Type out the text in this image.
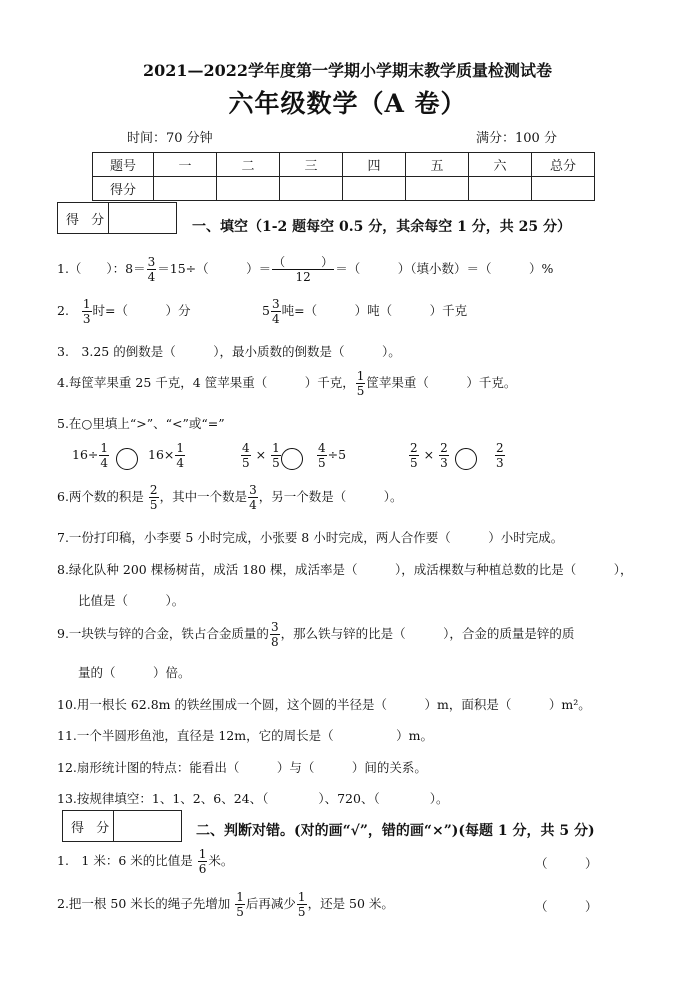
2021—2022学年度第一学期小学期末教学质量检测试卷
六年级数学（A 卷）
时间：70 分钟	满分：100 分
题号	一	二	三	四	五	六	总分
得分							
得 分	一、填空（1-2 题每空 0.5 分，其余每空 1 分，共 25 分）
1.（　　）：$8= \frac{3}{4} =15\div$（　　　）＝ $\frac{( )}{12}$ ＝（　　　）（填小数）＝（　　　）%
2. $\frac{1}{3}$ 时=（　　　）分	$5 \frac{3}{4}$ 吨=（　　　）吨（　　　）千克
3.　3.25 的倒数是（　　　），最小质数的倒数是（　　　）。
4.每筐苹果重 25 千克，4 筐苹果重（　　　）千克， $\frac{1}{5}$ 筐苹果重（　　　）千克。
5.在○里填上“>”、“<”或“=”
$16\div \frac{1}{4}$	$16\times \frac{1}{4}$	$\frac{4}{5} \times \frac{1}{5}$	$\frac{4}{5} \div 5$	$\frac{2}{5} \times \frac{2}{3}$	$\frac{2}{3}$
6.两个数的积是 $\frac{2}{5}$ ，其中一个数是 $\frac{3}{4}$ ，另一个数是（　　　）。
7.一份打印稿，小李要 5 小时完成，小张要 8 小时完成，两人合作要（　　　）小时完成。
8.绿化队种 200 棵杨树苗，成活 180 棵，成活率是（　　　），成活棵数与种植总数的比是（　　　），
比值是（　　　）。
9.一块铁与锌的合金，铁占合金质量的 $\frac{3}{8}$ ，那么铁与锌的比是（　　　），合金的质量是锌的质
量的（　　　）倍。
10.用一根长 62.8m 的铁丝围成一个圆，这个圆的半径是（　　　）m，面积是（　　　）m²。
11.一个半圆形鱼池，直径是 12m，它的周长是（　　　　　）m。
12.扇形统计图的特点：能看出（　　　）与（　　　）间的关系。
13.按规律填空：1、1、2、6、24、（　　　　）、720、（　　　　）。
得 分	二、判断对错。(对的画“√”，错的画“×”)(每题 1 分，共 5 分)
1.　1 米：6 米的比值是 $\frac{1}{6}$ 米。	（　　　）
2.把一根 50 米长的绳子先增加 $\frac{1}{5}$ 后再减少 $\frac{1}{5}$ ，还是 50 米。	（　　　）
